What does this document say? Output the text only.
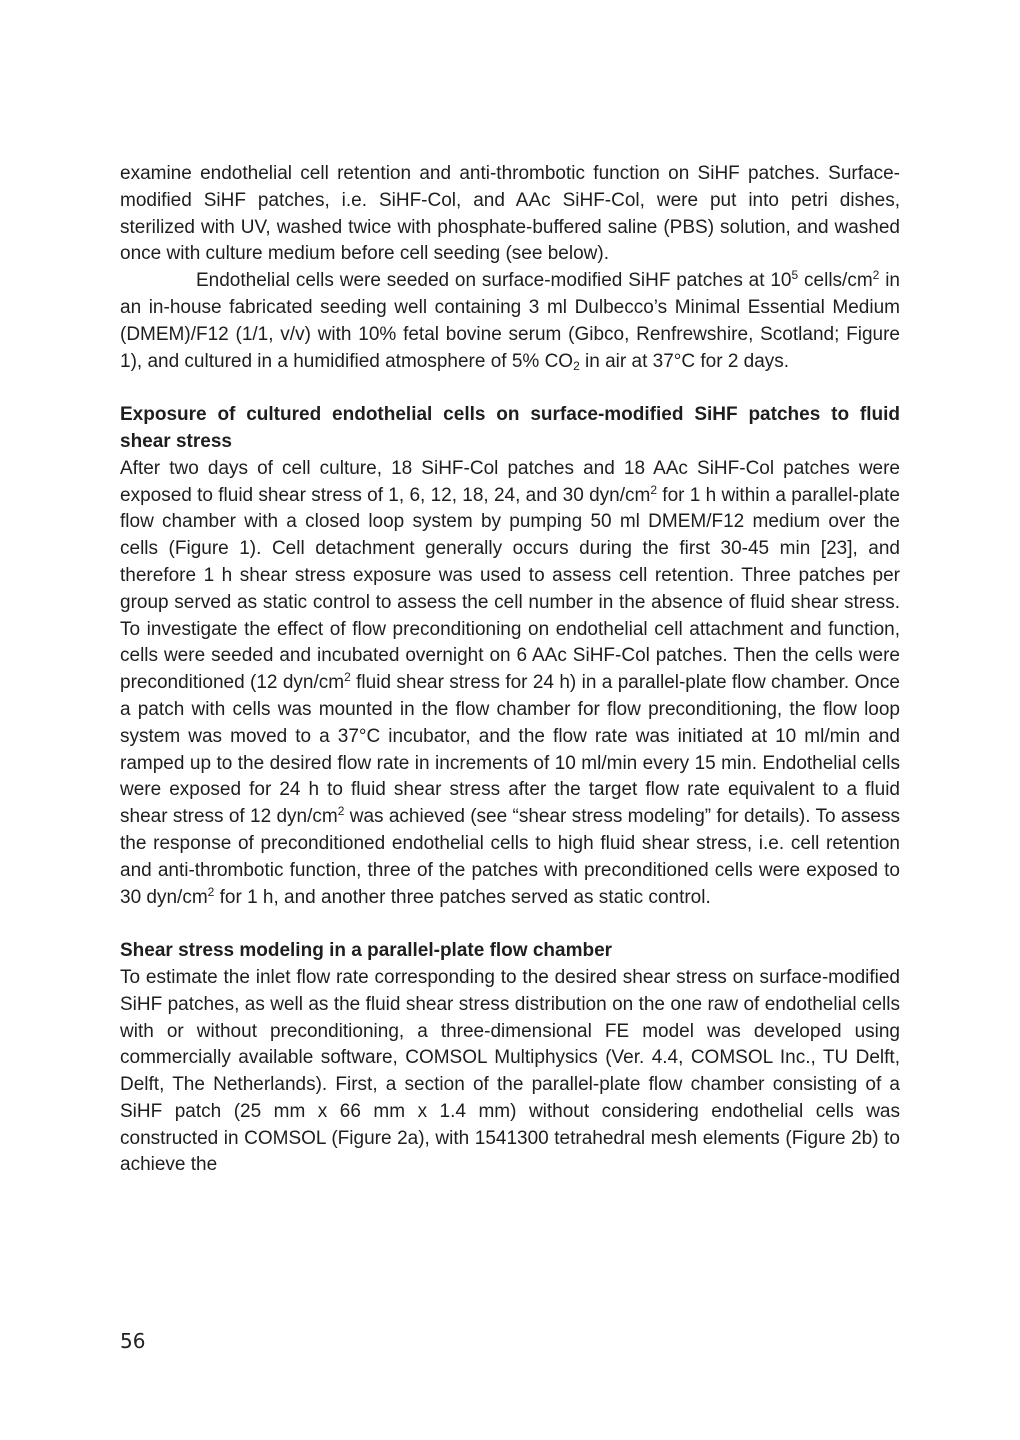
examine endothelial cell retention and anti-thrombotic function on SiHF patches. Surface-modified SiHF patches, i.e. SiHF-Col, and AAc SiHF-Col, were put into petri dishes, sterilized with UV, washed twice with phosphate-buffered saline (PBS) solution, and washed once with culture medium before cell seeding (see below).

Endothelial cells were seeded on surface-modified SiHF patches at $10^5$ cells/$cm^2$ in an in-house fabricated seeding well containing 3 ml Dulbecco’s Minimal Essential Medium (DMEM)/F12 (1/1, v/v) with 10% fetal bovine serum (Gibco, Renfrewshire, Scotland; Figure 1), and cultured in a humidified atmosphere of 5% $CO_2$ in air at 37°C for 2 days.

Exposure of cultured endothelial cells on surface-modified SiHF patches to fluid shear stress

After two days of cell culture, 18 SiHF-Col patches and 18 AAc SiHF-Col patches were exposed to fluid shear stress of 1, 6, 12, 18, 24, and 30 dyn/$cm^2$ for 1 h within a parallel-plate flow chamber with a closed loop system by pumping 50 ml DMEM/F12 medium over the cells (Figure 1). Cell detachment generally occurs during the first 30-45 min [23], and therefore 1 h shear stress exposure was used to assess cell retention. Three patches per group served as static control to assess the cell number in the absence of fluid shear stress. To investigate the effect of flow preconditioning on endothelial cell attachment and function, cells were seeded and incubated overnight on 6 AAc SiHF-Col patches. Then the cells were preconditioned (12 dyn/$cm^2$ fluid shear stress for 24 h) in a parallel-plate flow chamber. Once a patch with cells was mounted in the flow chamber for flow preconditioning, the flow loop system was moved to a 37°C incubator, and the flow rate was initiated at 10 ml/min and ramped up to the desired flow rate in increments of 10 ml/min every 15 min. Endothelial cells were exposed for 24 h to fluid shear stress after the target flow rate equivalent to a fluid shear stress of 12 dyn/$cm^2$ was achieved (see “shear stress modeling” for details). To assess the response of preconditioned endothelial cells to high fluid shear stress, i.e. cell retention and anti-thrombotic function, three of the patches with preconditioned cells were exposed to 30 dyn/$cm^2$ for 1 h, and another three patches served as static control.

Shear stress modeling in a parallel-plate flow chamber

To estimate the inlet flow rate corresponding to the desired shear stress on surface-modified SiHF patches, as well as the fluid shear stress distribution on the one raw of endothelial cells with or without preconditioning, a three-dimensional FE model was developed using commercially available software, COMSOL Multiphysics (Ver. 4.4, COMSOL Inc., TU Delft, Delft, The Netherlands). First, a section of the parallel-plate flow chamber consisting of a SiHF patch (25 mm x 66 mm x 1.4 mm) without considering endothelial cells was constructed in COMSOL (Figure 2a), with 1541300 tetrahedral mesh elements (Figure 2b) to achieve the

56
